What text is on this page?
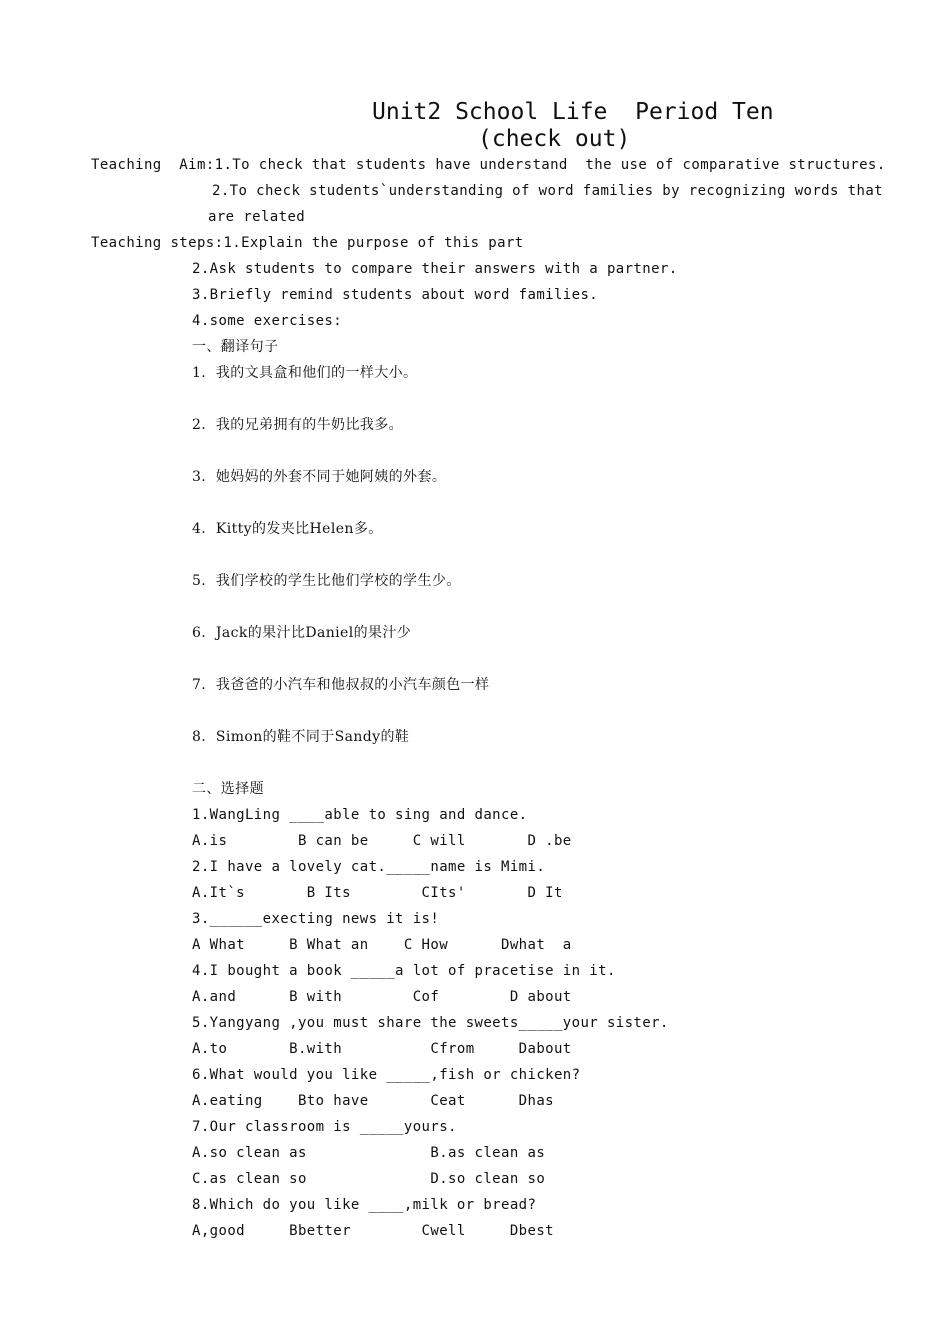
Unit2 School Life  Period Ten
(check out)
Teaching  Aim:1.To check that students have understand  the use of comparative structures.
2.To check students`understanding of word families by recognizing words that
are related
Teaching steps:1.Explain the purpose of this part
2.Ask students to compare their answers with a partner.
3.Briefly remind students about word families.
4.some exercises:
一、翻译句子
1.  我的文具盒和他们的一样大小。
2.  我的兄弟拥有的牛奶比我多。
3.  她妈妈的外套不同于她阿姨的外套。
4.  Kitty的发夹比Helen多。
5.  我们学校的学生比他们学校的学生少。
6.  Jack的果汁比Daniel的果汁少
7.  我爸爸的小汽车和他叔叔的小汽车颜色一样
8.  Simon的鞋不同于Sandy的鞋
二、选择题
1.WangLing ____able to sing and dance.
A.is        B can be     C will       D .be
2.I have a lovely cat._____name is Mimi.
A.It`s       B Its        CIts'       D It
3.______execting news it is!
A What     B What an    C How      Dwhat  a
4.I bought a book _____a lot of pracetise in it.
A.and      B with        Cof        D about
5.Yangyang ,you must share the sweets_____your sister.
A.to       B.with          Cfrom     Dabout
6.What would you like _____,fish or chicken?
A.eating    Bto have       Ceat      Dhas
7.Our classroom is _____yours.
A.so clean as              B.as clean as
C.as clean so              D.so clean so
8.Which do you like ____,milk or bread?
A,good     Bbetter        Cwell     Dbest
